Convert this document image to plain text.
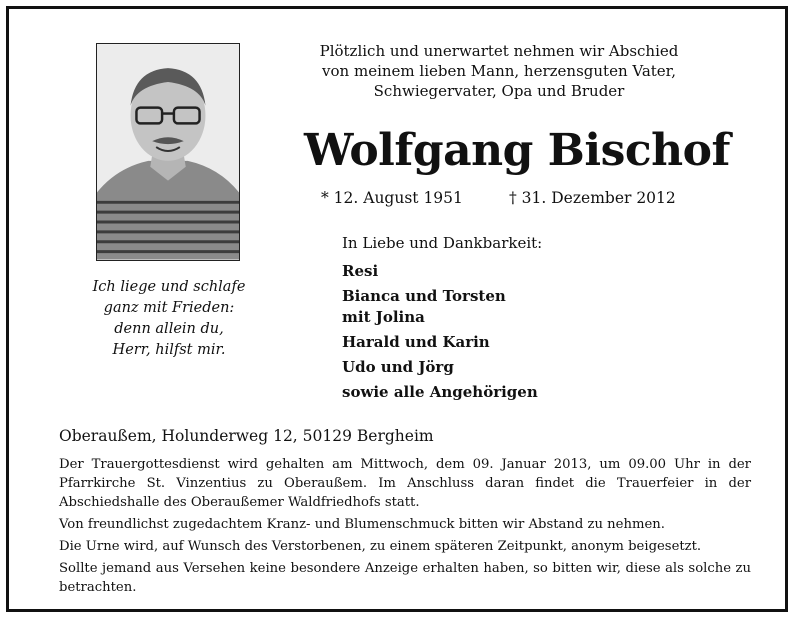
Ich liege und schlafe
ganz mit Frieden:
denn allein du,
Herr, hilfst mir.
Plötzlich und unerwartet nehmen wir Abschied
von meinem lieben Mann, herzensguten Vater,
Schwiegervater, Opa und Bruder
Wolfgang Bischof
* 12. August 1951	† 31. Dezember 2012
In Liebe und Dankbarkeit:
Resi
Bianca und Torsten
mit Jolina
Harald und Karin
Udo und Jörg
sowie alle Angehörigen
Oberaußem, Holunderweg 12, 50129 Bergheim

Der Trauergottesdienst wird gehalten am Mittwoch, dem 09. Januar 2013, um 09.00 Uhr in der Pfarrkirche St. Vinzentius zu Oberaußem. Im Anschluss daran findet die Trauerfeier in der Abschiedshalle des Oberaußemer Waldfriedhofs statt.

Von freundlichst zugedachtem Kranz- und Blumenschmuck bitten wir Abstand zu nehmen.

Die Urne wird, auf Wunsch des Verstorbenen, zu einem späteren Zeitpunkt, anonym beigesetzt.

Sollte jemand aus Versehen keine besondere Anzeige erhalten haben, so bitten wir, diese als solche zu betrachten.
